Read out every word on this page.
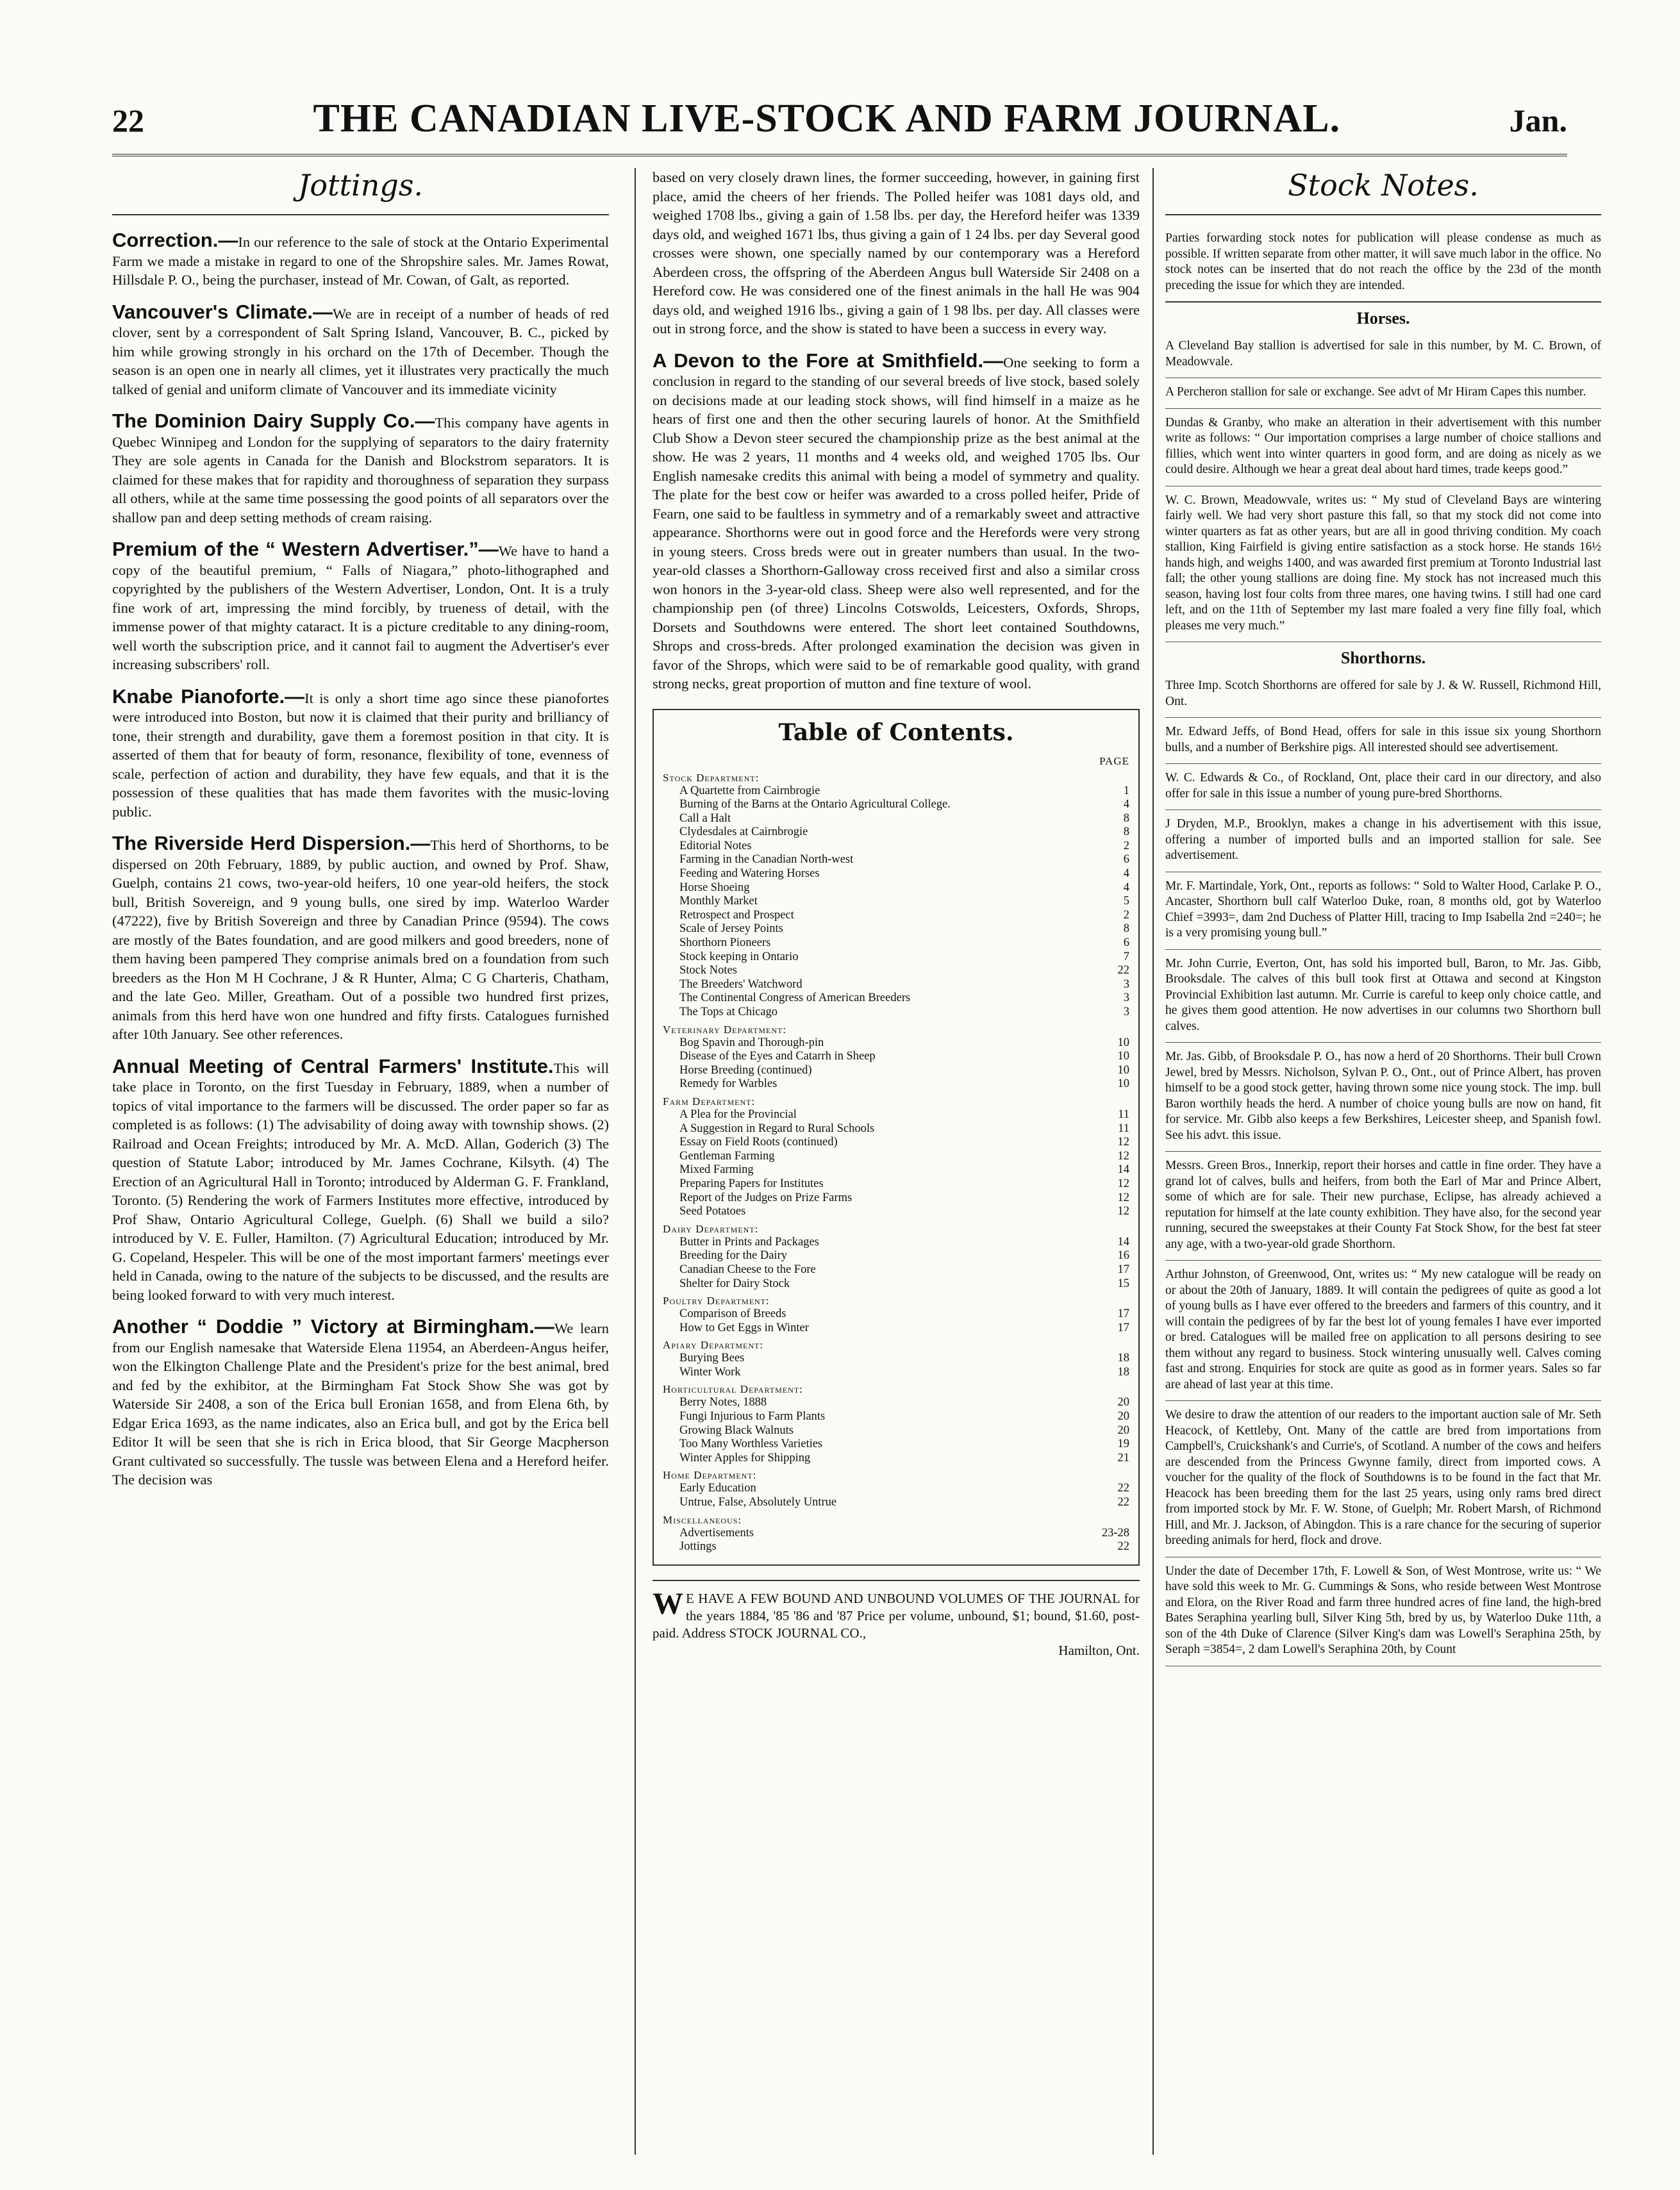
22	THE CANADIAN LIVE-STOCK AND FARM JOURNAL.	Jan.
Jottings.
Correction.—In our reference to the sale of stock at the Ontario Experimental Farm we made a mistake in regard to one of the Shropshire sales. Mr. James Rowat, Hillsdale P. O., being the purchaser, instead of Mr. Cowan, of Galt, as reported.
Vancouver's Climate.—We are in receipt of a number of heads of red clover, sent by a correspondent of Salt Spring Island, Vancouver, B. C., picked by him while growing strongly in his orchard on the 17th of December. Though the season is an open one in nearly all climes, yet it illustrates very practically the much talked of genial and uniform climate of Vancouver and its immediate vicinity
The Dominion Dairy Supply Co.—This company have agents in Quebec Winnipeg and London for the supplying of separators to the dairy fraternity They are sole agents in Canada for the Danish and Blockstrom separators. It is claimed for these makes that for rapidity and thoroughness of separation they surpass all others, while at the same time possessing the good points of all separators over the shallow pan and deep setting methods of cream raising.
Premium of the “ Western Advertiser.”—We have to hand a copy of the beautiful premium, “ Falls of Niagara,” photo-lithographed and copyrighted by the publishers of the Western Advertiser, London, Ont. It is a truly fine work of art, impressing the mind forcibly, by trueness of detail, with the immense power of that mighty cataract. It is a picture creditable to any dining-room, well worth the subscription price, and it cannot fail to augment the Advertiser's ever increasing subscribers' roll.
Knabe Pianoforte.—It is only a short time ago since these pianofortes were introduced into Boston, but now it is claimed that their purity and brilliancy of tone, their strength and durability, gave them a foremost position in that city. It is asserted of them that for beauty of form, resonance, flexibility of tone, evenness of scale, perfection of action and durability, they have few equals, and that it is the possession of these qualities that has made them favorites with the music-loving public.
The Riverside Herd Dispersion.—This herd of Shorthorns, to be dispersed on 20th February, 1889, by public auction, and owned by Prof. Shaw, Guelph, contains 21 cows, two-year-old heifers, 10 one year-old heifers, the stock bull, British Sovereign, and 9 young bulls, one sired by imp. Waterloo Warder (47222), five by British Sovereign and three by Canadian Prince (9594). The cows are mostly of the Bates foundation, and are good milkers and good breeders, none of them having been pampered They comprise animals bred on a foundation from such breeders as the Hon M H Cochrane, J & R Hunter, Alma; C G Charteris, Chatham, and the late Geo. Miller, Greatham. Out of a possible two hundred first prizes, animals from this herd have won one hundred and fifty firsts. Catalogues furnished after 10th January. See other references.
Annual Meeting of Central Farmers' Institute.This will take place in Toronto, on the first Tuesday in February, 1889, when a number of topics of vital importance to the farmers will be discussed. The order paper so far as completed is as follows: (1) The advisability of doing away with township shows. (2) Railroad and Ocean Freights; introduced by Mr. A. McD. Allan, Goderich (3) The question of Statute Labor; introduced by Mr. James Cochrane, Kilsyth. (4) The Erection of an Agricultural Hall in Toronto; introduced by Alderman G. F. Frankland, Toronto. (5) Rendering the work of Farmers Institutes more effective, introduced by Prof Shaw, Ontario Agricultural College, Guelph. (6) Shall we build a silo? introduced by V. E. Fuller, Hamilton. (7) Agricultural Education; introduced by Mr. G. Copeland, Hespeler. This will be one of the most important farmers' meetings ever held in Canada, owing to the nature of the subjects to be discussed, and the results are being looked forward to with very much interest.
Another “ Doddie ” Victory at Birmingham.—We learn from our English namesake that Waterside Elena 11954, an Aberdeen-Angus heifer, won the Elkington Challenge Plate and the President's prize for the best animal, bred and fed by the exhibitor, at the Birmingham Fat Stock Show She was got by Waterside Sir 2408, a son of the Erica bull Eronian 1658, and from Elena 6th, by Edgar Erica 1693, as the name indicates, also an Erica bull, and got by the Erica bell Editor It will be seen that she is rich in Erica blood, that Sir George Macpherson Grant cultivated so successfully. The tussle was between Elena and a Hereford heifer. The decision was
based on very closely drawn lines, the former succeeding, however, in gaining first place, amid the cheers of her friends. The Polled heifer was 1081 days old, and weighed 1708 lbs., giving a gain of 1.58 lbs. per day, the Hereford heifer was 1339 days old, and weighed 1671 lbs, thus giving a gain of 1 24 lbs. per day Several good crosses were shown, one specially named by our contemporary was a Hereford Aberdeen cross, the offspring of the Aberdeen Angus bull Waterside Sir 2408 on a Hereford cow. He was considered one of the finest animals in the hall He was 904 days old, and weighed 1916 lbs., giving a gain of 1 98 lbs. per day. All classes were out in strong force, and the show is stated to have been a success in every way.
A Devon to the Fore at Smithfield.—One seeking to form a conclusion in regard to the standing of our several breeds of live stock, based solely on decisions made at our leading stock shows, will find himself in a maize as he hears of first one and then the other securing laurels of honor. At the Smithfield Club Show a Devon steer secured the championship prize as the best animal at the show. He was 2 years, 11 months and 4 weeks old, and weighed 1705 lbs. Our English namesake credits this animal with being a model of symmetry and quality. The plate for the best cow or heifer was awarded to a cross polled heifer, Pride of Fearn, one said to be faultless in symmetry and of a remarkably sweet and attractive appearance. Shorthorns were out in good force and the Herefords were very strong in young steers. Cross breds were out in greater numbers than usual. In the two-year-old classes a Shorthorn-Galloway cross received first and also a similar cross won honors in the 3-year-old class. Sheep were also well represented, and for the championship pen (of three) Lincolns Cotswolds, Leicesters, Oxfords, Shrops, Dorsets and Southdowns were entered. The short leet contained Southdowns, Shrops and cross-breds. After prolonged examination the decision was given in favor of the Shrops, which were said to be of remarkable good quality, with grand strong necks, great proportion of mutton and fine texture of wool.
Table of Contents.
PAGE
Stock Department:
A Quartette from Cairnbrogie	1
Burning of the Barns at the Ontario Agricultural College.	4
Call a Halt	8
Clydesdales at Cairnbrogie	8
Editorial Notes	2
Farming in the Canadian North-west	6
Feeding and Watering Horses	4
Horse Shoeing	4
Monthly Market	5
Retrospect and Prospect	2
Scale of Jersey Points	8
Shorthorn Pioneers	6
Stock keeping in Ontario	7
Stock Notes	22
The Breeders' Watchword	3
The Continental Congress of American Breeders	3
The Tops at Chicago	3
Veterinary Department:
Bog Spavin and Thorough-pin	10
Disease of the Eyes and Catarrh in Sheep	10
Horse Breeding (continued)	10
Remedy for Warbles	10
Farm Department:
A Plea for the Provincial	11
A Suggestion in Regard to Rural Schools	11
Essay on Field Roots (continued)	12
Gentleman Farming	12
Mixed Farming	14
Preparing Papers for Institutes	12
Report of the Judges on Prize Farms	12
Seed Potatoes	12
Dairy Department:
Butter in Prints and Packages	14
Breeding for the Dairy	16
Canadian Cheese to the Fore	17
Shelter for Dairy Stock	15
Poultry Department:
Comparison of Breeds	17
How to Get Eggs in Winter	17
Apiary Department:
Burying Bees	18
Winter Work	18
Horticultural Department:
Berry Notes, 1888	20
Fungi Injurious to Farm Plants	20
Growing Black Walnuts	20
Too Many Worthless Varieties	19
Winter Apples for Shipping	21
Home Department:
Early Education	22
Untrue, False, Absolutely Untrue	22
Miscellaneous:
Advertisements	23-28
Jottings	22
W E HAVE A FEW BOUND AND UNBOUND VOLUMES OF THE JOURNAL for the years 1884, '85 '86 and '87 Price per volume, unbound, $1; bound, $1.60, post-paid. Address STOCK JOURNAL CO.,
Hamilton, Ont.
Stock Notes.
Parties forwarding stock notes for publication will please condense as much as possible. If written separate from other matter, it will save much labor in the office. No stock notes can be inserted that do not reach the office by the 23d of the month preceding the issue for which they are intended.
Horses.
A Cleveland Bay stallion is advertised for sale in this number, by M. C. Brown, of Meadowvale.
A Percheron stallion for sale or exchange. See advt of Mr Hiram Capes this number.
Dundas & Granby, who make an alteration in their advertisement with this number write as follows: “ Our importation comprises a large number of choice stallions and fillies, which went into winter quarters in good form, and are doing as nicely as we could desire. Although we hear a great deal about hard times, trade keeps good.”
W. C. Brown, Meadowvale, writes us: “ My stud of Cleveland Bays are wintering fairly well. We had very short pasture this fall, so that my stock did not come into winter quarters as fat as other years, but are all in good thriving condition. My coach stallion, King Fairfield is giving entire satisfaction as a stock horse. He stands 16½ hands high, and weighs 1400, and was awarded first premium at Toronto Industrial last fall; the other young stallions are doing fine. My stock has not increased much this season, having lost four colts from three mares, one having twins. I still had one card left, and on the 11th of September my last mare foaled a very fine filly foal, which pleases me very much.”
Shorthorns.
Three Imp. Scotch Shorthorns are offered for sale by J. & W. Russell, Richmond Hill, Ont.
Mr. Edward Jeffs, of Bond Head, offers for sale in this issue six young Shorthorn bulls, and a number of Berkshire pigs. All interested should see advertisement.
W. C. Edwards & Co., of Rockland, Ont, place their card in our directory, and also offer for sale in this issue a number of young pure-bred Shorthorns.
J Dryden, M.P., Brooklyn, makes a change in his advertisement with this issue, offering a number of imported bulls and an imported stallion for sale. See advertisement.
Mr. F. Martindale, York, Ont., reports as follows: “ Sold to Walter Hood, Carlake P. O., Ancaster, Shorthorn bull calf Waterloo Duke, roan, 8 months old, got by Waterloo Chief =3993=, dam 2nd Duchess of Platter Hill, tracing to Imp Isabella 2nd =240=; he is a very promising young bull.”
Mr. John Currie, Everton, Ont, has sold his imported bull, Baron, to Mr. Jas. Gibb, Brooksdale. The calves of this bull took first at Ottawa and second at Kingston Provincial Exhibition last autumn. Mr. Currie is careful to keep only choice cattle, and he gives them good attention. He now advertises in our columns two Shorthorn bull calves.
Mr. Jas. Gibb, of Brooksdale P. O., has now a herd of 20 Shorthorns. Their bull Crown Jewel, bred by Messrs. Nicholson, Sylvan P. O., Ont., out of Prince Albert, has proven himself to be a good stock getter, having thrown some nice young stock. The imp. bull Baron worthily heads the herd. A number of choice young bulls are now on hand, fit for service. Mr. Gibb also keeps a few Berkshires, Leicester sheep, and Spanish fowl. See his advt. this issue.
Messrs. Green Bros., Innerkip, report their horses and cattle in fine order. They have a grand lot of calves, bulls and heifers, from both the Earl of Mar and Prince Albert, some of which are for sale. Their new purchase, Eclipse, has already achieved a reputation for himself at the late county exhibition. They have also, for the second year running, secured the sweepstakes at their County Fat Stock Show, for the best fat steer any age, with a two-year-old grade Shorthorn.
Arthur Johnston, of Greenwood, Ont, writes us: “ My new catalogue will be ready on or about the 20th of January, 1889. It will contain the pedigrees of quite as good a lot of young bulls as I have ever offered to the breeders and farmers of this country, and it will contain the pedigrees of by far the best lot of young females I have ever imported or bred. Catalogues will be mailed free on application to all persons desiring to see them without any regard to business. Stock wintering unusually well. Calves coming fast and strong. Enquiries for stock are quite as good as in former years. Sales so far are ahead of last year at this time.
We desire to draw the attention of our readers to the important auction sale of Mr. Seth Heacock, of Kettleby, Ont. Many of the cattle are bred from importations from Campbell's, Cruickshank's and Currie's, of Scotland. A number of the cows and heifers are descended from the Princess Gwynne family, direct from imported cows. A voucher for the quality of the flock of Southdowns is to be found in the fact that Mr. Heacock has been breeding them for the last 25 years, using only rams bred direct from imported stock by Mr. F. W. Stone, of Guelph; Mr. Robert Marsh, of Richmond Hill, and Mr. J. Jackson, of Abingdon. This is a rare chance for the securing of superior breeding animals for herd, flock and drove.
Under the date of December 17th, F. Lowell & Son, of West Montrose, write us: “ We have sold this week to Mr. G. Cummings & Sons, who reside between West Montrose and Elora, on the River Road and farm three hundred acres of fine land, the high-bred Bates Seraphina yearling bull, Silver King 5th, bred by us, by Waterloo Duke 11th, a son of the 4th Duke of Clarence (Silver King's dam was Lowell's Seraphina 25th, by Seraph =3854=, 2 dam Lowell's Seraphina 20th, by Count
